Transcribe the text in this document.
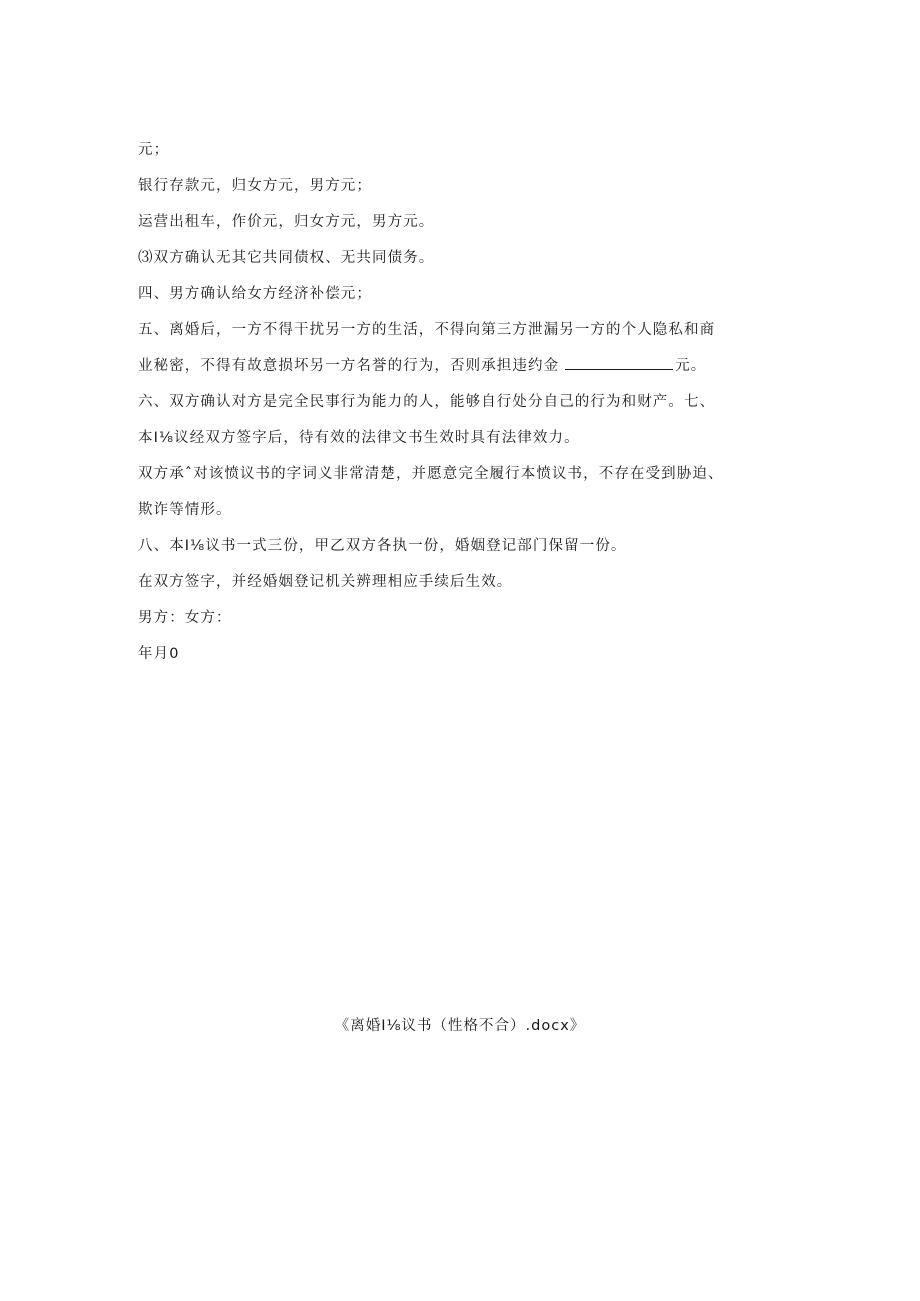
元；
银行存款元，归女方元，男方元；
运营出租车，作价元，归女方元，男方元。
⑶双方确认无其它共同债权、无共同债务。
四、男方确认给女方经济补偿元；
五、离婚后，一方不得干扰另一方的生活，不得向第三方泄漏另一方的个人隐私和商
业秘密，不得有故意损坏另一方名誉的行为，否则承担违约金	元。
六、双方确认对方是完全民事行为能力的人，能够自行处分自己的行为和财产。七、
本I⅛议经双方签字后，待有效的法律文书生效时具有法律效力。
双方承ˆ对该愤议书的字词义非常清楚，并愿意完全履行本愤议书，不存在受到胁迫、
欺诈等情形。
八、本I⅛议书一式三份，甲乙双方各执一份，婚姻登记部门保留一份。
在双方签字，并经婚姻登记机关辨理相应手续后生效。
男方：女方：
年月0
《离婚I⅛议书（性格不合）.docx》
